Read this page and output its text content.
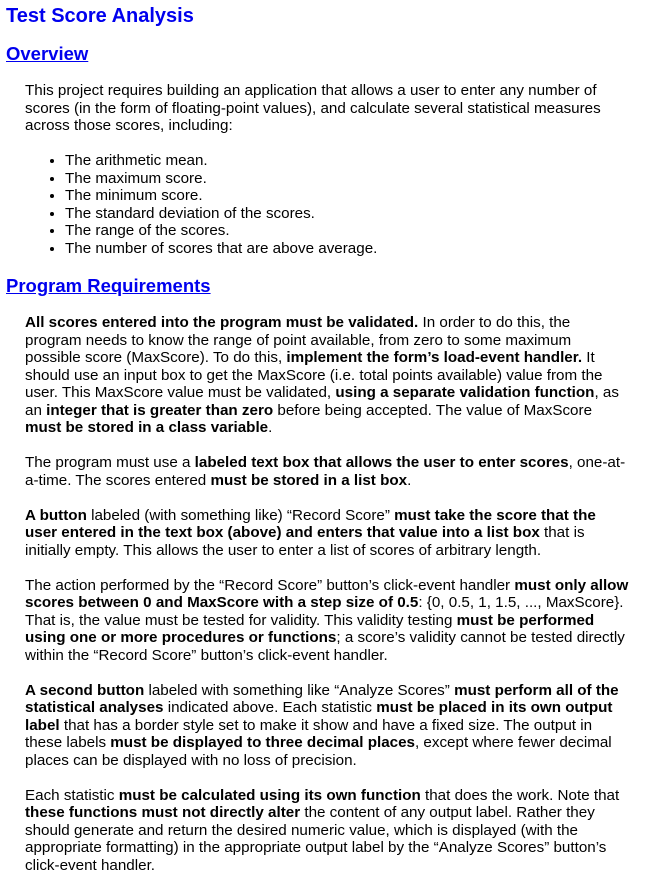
Test Score Analysis
Overview

This project requires building an application that allows a user to enter any number of scores (in the form of floating-point values), and calculate several statistical measures across those scores, including:

• The arithmetic mean.
• The maximum score.
• The minimum score.
• The standard deviation of the scores.
• The range of the scores.
• The number of scores that are above average.
Program Requirements

All scores entered into the program must be validated. In order to do this, the program needs to know the range of point available, from zero to some maximum possible score (MaxScore). To do this, implement the form’s load-event handler. It should use an input box to get the MaxScore (i.e. total points available) value from the user. This MaxScore value must be validated, using a separate validation function, as an integer that is greater than zero before being accepted. The value of MaxScore must be stored in a class variable.

The program must use a labeled text box that allows the user to enter scores, one-at-a-time. The scores entered must be stored in a list box.

A button labeled (with something like) “Record Score” must take the score that the user entered in the text box (above) and enters that value into a list box that is initially empty. This allows the user to enter a list of scores of arbitrary length.

The action performed by the “Record Score” button’s click-event handler must only allow scores between 0 and MaxScore with a step size of 0.5: {0, 0.5, 1, 1.5, ..., MaxScore}. That is, the value must be tested for validity. This validity testing must be performed using one or more procedures or functions; a score’s validity cannot be tested directly within the “Record Score” button’s click-event handler.

A second button labeled with something like “Analyze Scores” must perform all of the statistical analyses indicated above. Each statistic must be placed in its own output label that has a border style set to make it show and have a fixed size. The output in these labels must be displayed to three decimal places, except where fewer decimal places can be displayed with no loss of precision.

Each statistic must be calculated using its own function that does the work. Note that these functions must not directly alter the content of any output label. Rather they should generate and return the desired numeric value, which is displayed (with the appropriate formatting) in the appropriate output label by the “Analyze Scores” button’s click-event handler.
